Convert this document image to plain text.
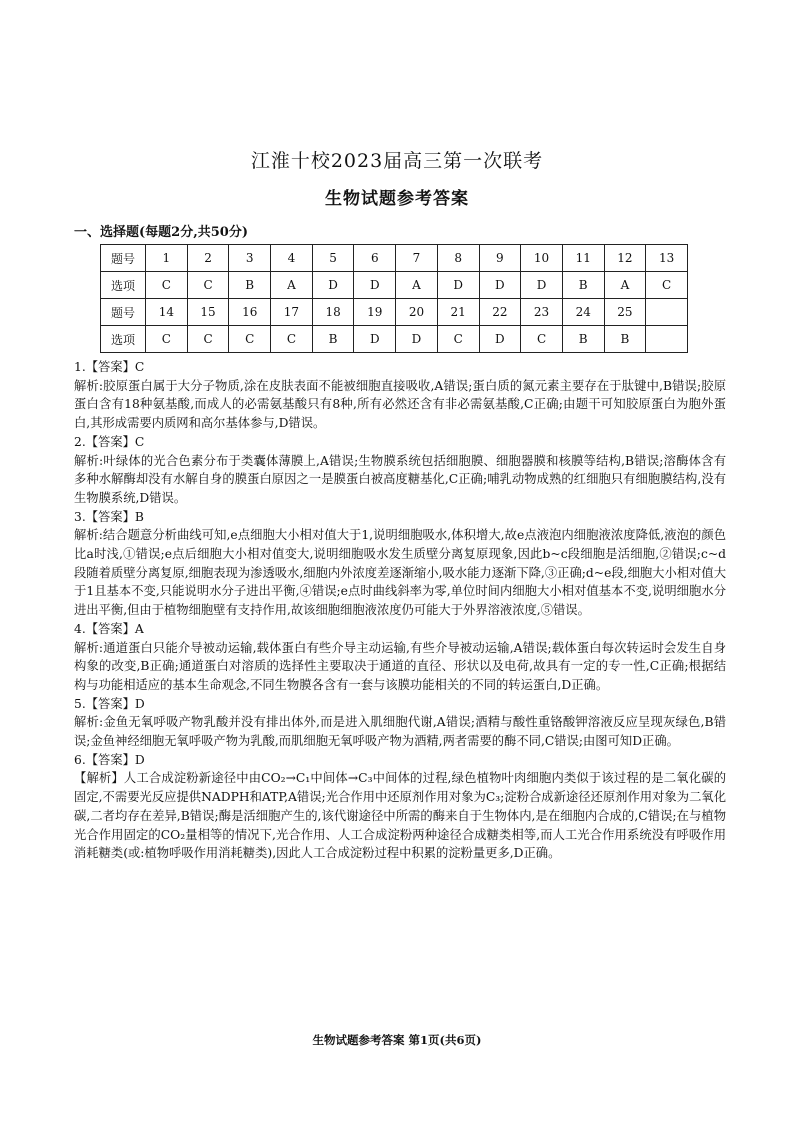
江淮十校2023届高三第一次联考
生物试题参考答案
一、选择题(每题2分,共50分)
题号	1	2	3	4	5	6	7	8	9	10	11	12	13
选项	C	C	B	A	D	D	A	D	D	D	B	A	C
题号	14	15	16	17	18	19	20	21	22	23	24	25	
选项	C	C	C	C	B	D	D	C	D	C	B	B	
1.【答案】C
解析:胶原蛋白属于大分子物质,涂在皮肤表面不能被细胞直接吸收,A错误;蛋白质的氮元素主要存在于肽键中,B错误;胶原蛋白含有18种氨基酸,而成人的必需氨基酸只有8种,所有必然还含有非必需氨基酸,C正确;由题干可知胶原蛋白为胞外蛋白,其形成需要内质网和高尔基体参与,D错误。
2.【答案】C
解析:叶绿体的光合色素分布于类囊体薄膜上,A错误;生物膜系统包括细胞膜、细胞器膜和核膜等结构,B错误;溶酶体含有多种水解酶却没有水解自身的膜蛋白原因之一是膜蛋白被高度糖基化,C正确;哺乳动物成熟的红细胞只有细胞膜结构,没有生物膜系统,D错误。
3.【答案】B
解析:结合题意分析曲线可知,e点细胞大小相对值大于1,说明细胞吸水,体积增大,故e点液泡内细胞液浓度降低,液泡的颜色比a时浅,①错误;e点后细胞大小相对值变大,说明细胞吸水发生质壁分离复原现象,因此b~c段细胞是活细胞,②错误;c~d段随着质壁分离复原,细胞表现为渗透吸水,细胞内外浓度差逐渐缩小,吸水能力逐渐下降,③正确;d~e段,细胞大小相对值大于1且基本不变,只能说明水分子进出平衡,④错误;e点时曲线斜率为零,单位时间内细胞大小相对值基本不变,说明细胞水分进出平衡,但由于植物细胞壁有支持作用,故该细胞细胞液浓度仍可能大于外界溶液浓度,⑤错误。
4.【答案】A
解析:通道蛋白只能介导被动运输,载体蛋白有些介导主动运输,有些介导被动运输,A错误;载体蛋白每次转运时会发生自身构象的改变,B正确;通道蛋白对溶质的选择性主要取决于通道的直径、形状以及电荷,故具有一定的专一性,C正确;根据结构与功能相适应的基本生命观念,不同生物膜各含有一套与该膜功能相关的不同的转运蛋白,D正确。
5.【答案】D
解析:金鱼无氧呼吸产物乳酸并没有排出体外,而是进入肌细胞代谢,A错误;酒精与酸性重铬酸钾溶液反应呈现灰绿色,B错误;金鱼神经细胞无氧呼吸产物为乳酸,而肌细胞无氧呼吸产物为酒精,两者需要的酶不同,C错误;由图可知D正确。
6.【答案】D
【解析】人工合成淀粉新途径中由CO₂→C₁中间体→C₃中间体的过程,绿色植物叶肉细胞内类似于该过程的是二氧化碳的固定,不需要光反应提供NADPH和ATP,A错误;光合作用中还原剂作用对象为C₃;淀粉合成新途径还原剂作用对象为二氧化碳,二者均存在差异,B错误;酶是活细胞产生的,该代谢途径中所需的酶来自于生物体内,是在细胞内合成的,C错误;在与植物光合作用固定的CO₂量相等的情况下,光合作用、人工合成淀粉两种途径合成糖类相等,而人工光合作用系统没有呼吸作用消耗糖类(或:植物呼吸作用消耗糖类),因此人工合成淀粉过程中积累的淀粉量更多,D正确。
生物试题参考答案 第1页(共6页)
